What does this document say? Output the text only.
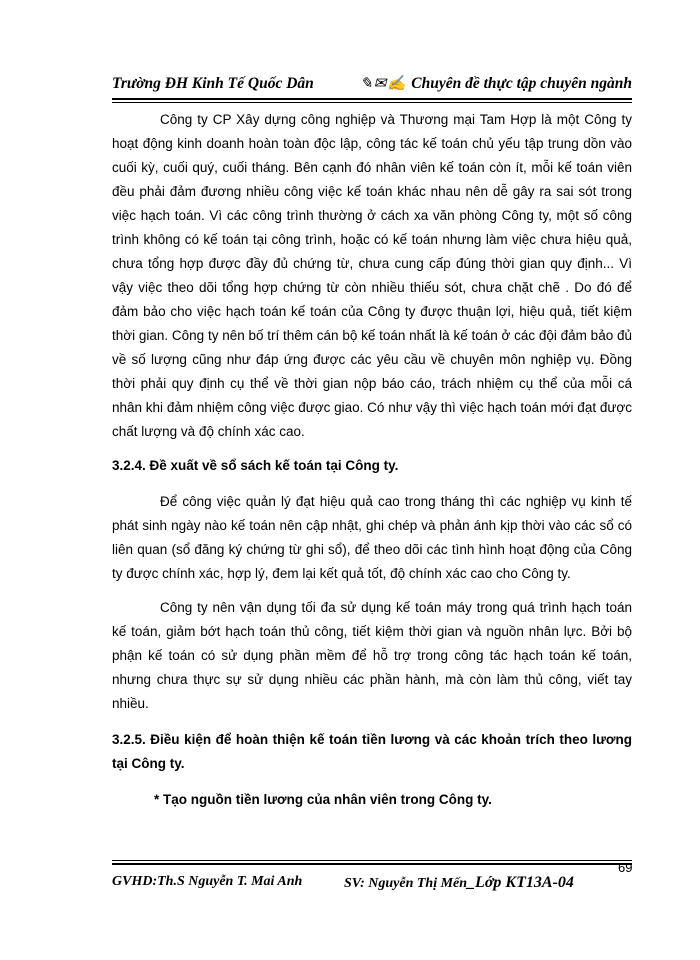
Trường ĐH Kinh Tế Quốc Dân	✎✉✍ Chuyên đề thực tập chuyên ngành

Công ty CP Xây dựng công nghiệp và Thương mại Tam Hợp là một Công ty hoạt động kinh doanh hoàn toàn độc lập, công tác kế toán chủ yếu tập trung dồn vào cuối kỳ, cuối quý, cuối tháng. Bên cạnh đó nhân viên kế toán còn ít, mỗi kế toán viên đều phải đảm đương nhiều công việc kế toán khác nhau nên dễ gây ra sai sót trong việc hạch toán. Vì các công trình thường ở cách xa văn phòng Công ty, một số công trình không có kế toán tại công trình, hoặc có kế toán nhưng làm việc chưa hiệu quả, chưa tổng hợp được đầy đủ chứng từ, chưa cung cấp đúng thời gian quy định... Vì vậy việc theo dõi tổng hợp chứng từ còn nhiều thiếu sót, chưa chặt chẽ . Do đó để đảm bảo cho việc hạch toán kế toán của Công ty được thuận lợi, hiệu quả, tiết kiệm thời gian. Công ty nên bố trí thêm cán bộ kế toán nhất là kế toán ở các đội đảm bảo đủ về số lượng cũng như đáp ứng được các yêu cầu về chuyên môn nghiệp vụ. Đồng thời phải quy định cụ thể về thời gian nộp báo cáo, trách nhiệm cụ thể của mỗi cá nhân khi đảm nhiệm công việc được giao. Có như vậy thì việc hạch toán mới đạt được chất lượng và độ chính xác cao.

3.2.4. Đề xuất về sổ sách kế toán tại Công ty.

Để công việc quản lý đạt hiệu quả cao trong tháng thì các nghiệp vụ kinh tế phát sinh ngày nào kế toán nên cập nhật, ghi chép và phản ánh kịp thời vào các sổ có liên quan (sổ đăng ký chứng từ ghi sổ), để theo dõi các tình hình hoạt động của Công ty được chính xác, hợp lý, đem lại kết quả tốt, độ chính xác cao cho Công ty.

Công ty nên vận dụng tối đa sử dụng kế toán máy trong quá trình hạch toán kế toán, giảm bớt hạch toán thủ công, tiết kiệm thời gian và nguồn nhân lực. Bởi bộ phận kế toán có sử dụng phần mềm để hỗ trợ trong công tác hạch toán kế toán, nhưng chưa thực sự sử dụng nhiều các phần hành, mà còn làm thủ công, viết tay nhiều.

3.2.5. Điều kiện để hoàn thiện kế toán tiền lương và các khoản trích theo lương tại Công ty.

* Tạo nguồn tiền lương của nhân viên trong Công ty.

69
GVHD:Th.S Nguyễn T. Mai Anh	SV: Nguyễn Thị Mến_Lớp KT13A-04
